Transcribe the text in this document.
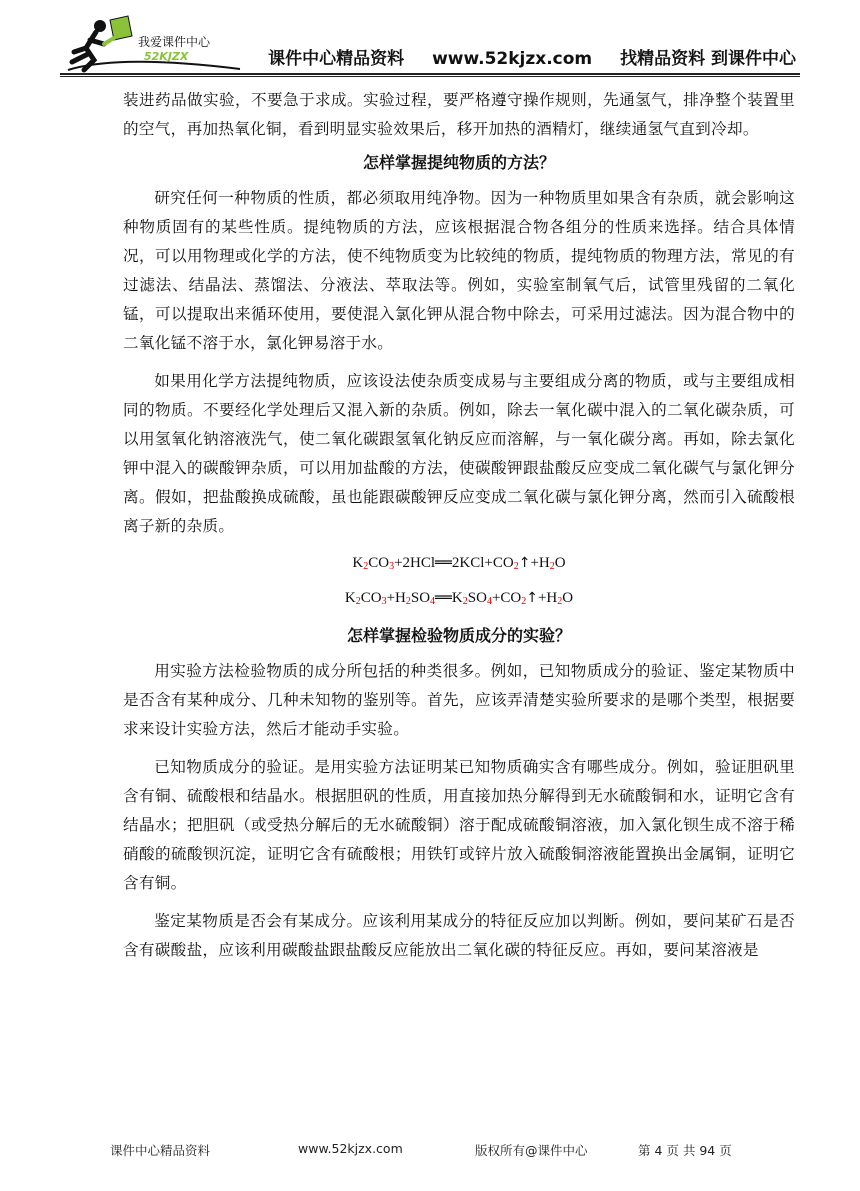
我爱课件中心
52KJZX	课件中心精品资料 www.52kjzx.com 找精品资料 到课件中心

装进药品做实验，不要急于求成。实验过程，要严格遵守操作规则，先通氢气，排净整个装置里的空气，再加热氧化铜，看到明显实验效果后，移开加热的酒精灯，继续通氢气直到冷却。

怎样掌握提纯物质的方法？

研究任何一种物质的性质，都必须取用纯净物。因为一种物质里如果含有杂质，就会影响这种物质固有的某些性质。提纯物质的方法，应该根据混合物各组分的性质来选择。结合具体情况，可以用物理或化学的方法，使不纯物质变为比较纯的物质，提纯物质的物理方法，常见的有过滤法、结晶法、蒸馏法、分液法、萃取法等。例如，实验室制氧气后，试管里残留的二氧化锰，可以提取出来循环使用，要使混入氯化钾从混合物中除去，可采用过滤法。因为混合物中的二氧化锰不溶于水，氯化钾易溶于水。

如果用化学方法提纯物质，应该设法使杂质变成易与主要组成分离的物质，或与主要组成相同的物质。不要经化学处理后又混入新的杂质。例如，除去一氧化碳中混入的二氧化碳杂质，可以用氢氧化钠溶液洗气，使二氧化碳跟氢氧化钠反应而溶解，与一氧化碳分离。再如，除去氯化钾中混入的碳酸钾杂质，可以用加盐酸的方法，使碳酸钾跟盐酸反应变成二氧化碳气与氯化钾分离。假如，把盐酸换成硫酸，虽也能跟碳酸钾反应变成二氧化碳与氯化钾分离，然而引入硫酸根离子新的杂质。

$K_2CO_3+2HCl══2KCl+CO_2↑+H_2O$
$K_2CO_3+H_2SO_4══K_2SO_4+CO_2↑+H_2O$
怎样掌握检验物质成分的实验？

用实验方法检验物质的成分所包括的种类很多。例如，已知物质成分的验证、鉴定某物质中是否含有某种成分、几种未知物的鉴别等。首先，应该弄清楚实验所要求的是哪个类型，根据要求来设计实验方法，然后才能动手实验。

已知物质成分的验证。是用实验方法证明某已知物质确实含有哪些成分。例如，验证胆矾里含有铜、硫酸根和结晶水。根据胆矾的性质，用直接加热分解得到无水硫酸铜和水，证明它含有结晶水；把胆矾（或受热分解后的无水硫酸铜）溶于配成硫酸铜溶液，加入氯化钡生成不溶于稀硝酸的硫酸钡沉淀，证明它含有硫酸根；用铁钉或锌片放入硫酸铜溶液能置换出金属铜，证明它含有铜。

鉴定某物质是否会有某成分。应该利用某成分的特征反应加以判断。例如，要问某矿石是否含有碳酸盐，应该利用碳酸盐跟盐酸反应能放出二氧化碳的特征反应。再如，要问某溶液是

课件中心精品资料	www.52kjzx.com	版权所有@课件中心	第 4 页 共 94 页
